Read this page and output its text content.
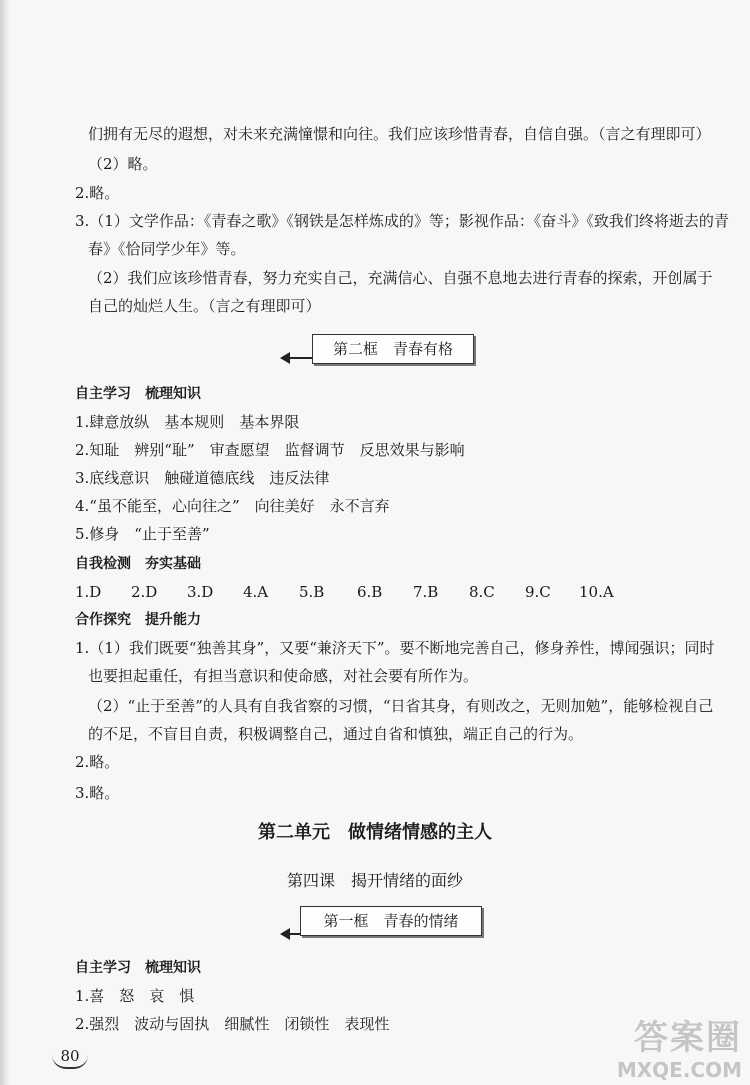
们拥有无尽的遐想，对未来充满憧憬和向往。我们应该珍惜青春，自信自强。（言之有理即可）
（2）略。
2.略。
3.（1）文学作品：《青春之歌》《钢铁是怎样炼成的》等；影视作品：《奋斗》《致我们终将逝去的青
春》《恰同学少年》等。
（2）我们应该珍惜青春，努力充实自己，充满信心、自强不息地去进行青春的探索，开创属于
自己的灿烂人生。（言之有理即可）
第二框　青春有格
自主学习　梳理知识
1.肆意放纵　基本规则　基本界限
2.知耻　辨别“耻”　审查愿望　监督调节　反思效果与影响
3.底线意识　触碰道德底线　违反法律
4.“虽不能至，心向往之”　向往美好　永不言弃
5.修身　“止于至善”
自我检测　夯实基础
1.D 2.D 3.D 4.A 5.B 6.B 7.B 8.C 9.C 10.A
合作探究　提升能力
1.（1）我们既要“独善其身”，又要“兼济天下”。要不断地完善自己，修身养性，博闻强识；同时
也要担起重任，有担当意识和使命感，对社会要有所作为。
（2）“止于至善”的人具有自我省察的习惯，“日省其身，有则改之，无则加勉”，能够检视自己
的不足，不盲目自责，积极调整自己，通过自省和慎独，端正自己的行为。
2.略。
3.略。
第二单元　做情绪情感的主人
第四课　揭开情绪的面纱
第一框　青春的情绪
自主学习　梳理知识
1.喜　怒　哀　惧
2.强烈　波动与固执　细腻性　闭锁性　表现性
80	答案圈
MXQE.COM
